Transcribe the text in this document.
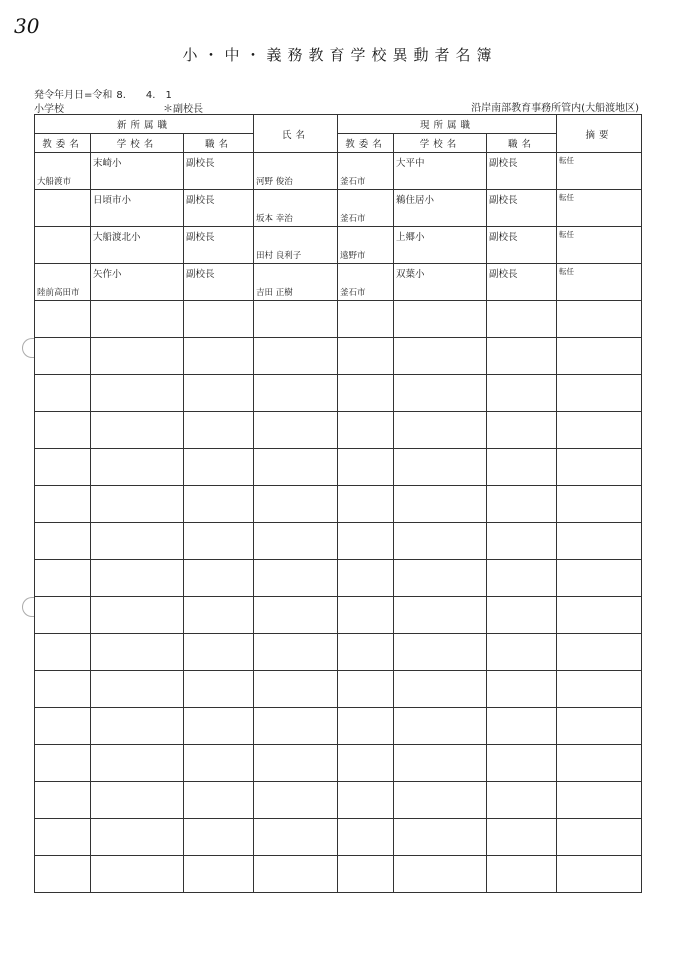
30
小・中・義務教育学校異動者名簿
発令年月日=令和 8.　　4.　1
小学校	＊副校長	沿岸南部教育事務所管内(大船渡地区)
新所属職			氏名	現所属職			摘要

教委名	学校名	職名		教委名	学校名	職名	

大船渡市	末崎小	副校長	河野 俊治	釜石市	大平中	副校長	転任

	日頃市小	副校長	坂本 幸治	釜石市	鵜住居小	副校長	転任

	大船渡北小	副校長	田村 良利子	遠野市	上郷小	副校長	転任

陸前高田市	矢作小	副校長	吉田 正樹	釜石市	双葉小	副校長	転任
